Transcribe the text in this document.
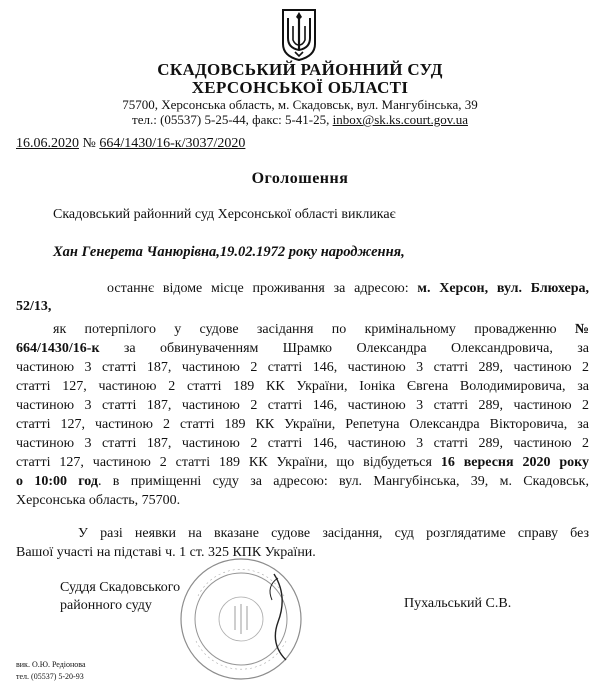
СКАДОВСЬКИЙ РАЙОННИЙ СУД
ХЕРСОНСЬКОЇ ОБЛАСТІ
75700, Херсонська область, м. Скадовськ, вул. Мангубінська, 39
тел.: (05537) 5-25-44, факс: 5-41-25, inbox@sk.ks.court.gov.ua
16.06.2020 № 664/1430/16-к/3037/2020
Оголошення
Скадовський районний суд Херсонської області викликає
Хан Генерета Чанюрівна,19.02.1972 року народження,
останнє відоме місце проживання за адресою: м. Херсон, вул. Блюхера,
52/13,
як потерпілого у судове засідання по кримінальному провадженню №
664/1430/16-к за обвинуваченням Шрамко Олександра Олександровича, за
частиною 3 статті 187, частиною 2 статті 146, частиною 3 статті 289, частиною 2
статті 127, частиною 2 статті 189 КК України, Іоніка Євгена Володимировича, за
частиною 3 статті 187, частиною 2 статті 146, частиною 3 статті 289, частиною 2
статті 127, частиною 2 статті 189 КК України, Репетуна Олександра Вікторовича, за
частиною 3 статті 187, частиною 2 статті 146, частиною 3 статті 289, частиною 2
статті 127, частиною 2 статті 189 КК України, що відбудеться 16 вересня 2020 року
о 10:00 год. в приміщенні суду за адресою: вул. Мангубінська, 39, м. Скадовськ,
Херсонська область, 75700.
У разі неявки на вказане судове засідання, суд розглядатиме справу без
Вашої участі на підставі ч. 1 ст. 325 КПК України.
Суддя Скадовського
районного суду	Пухальський С.В.
вик. О.Ю. Редіонова
тел. (05537) 5-20-93
